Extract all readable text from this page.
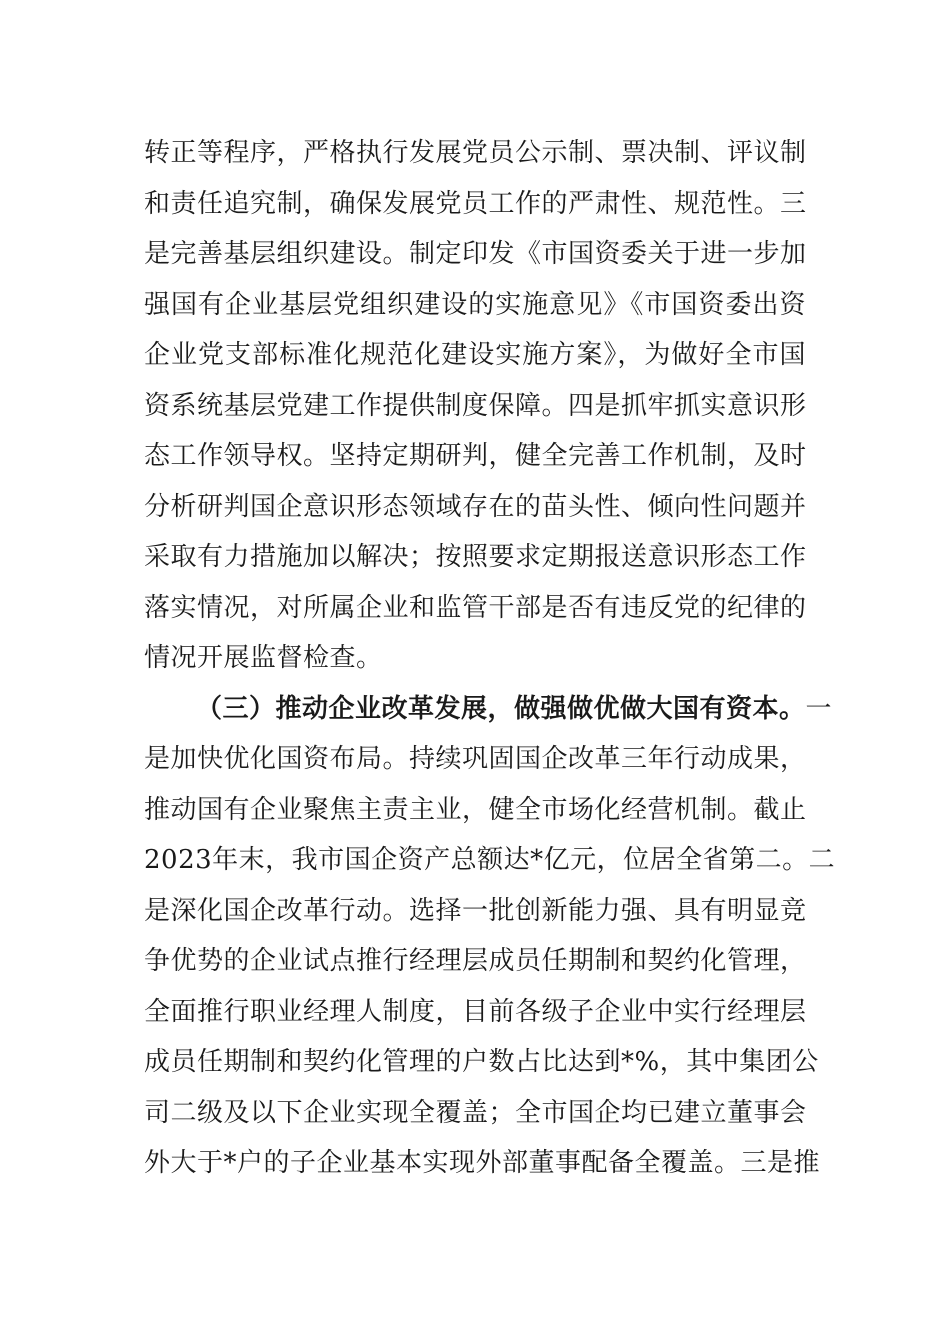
转正等程序，严格执行发展党员公示制、票决制、评议制
和责任追究制，确保发展党员工作的严肃性、规范性。三
是完善基层组织建设。制定印发《市国资委关于进一步加
强国有企业基层党组织建设的实施意见》《市国资委出资
企业党支部标准化规范化建设实施方案》，为做好全市国
资系统基层党建工作提供制度保障。四是抓牢抓实意识形
态工作领导权。坚持定期研判，健全完善工作机制，及时
分析研判国企意识形态领域存在的苗头性、倾向性问题并
采取有力措施加以解决；按照要求定期报送意识形态工作
落实情况，对所属企业和监管干部是否有违反党的纪律的
情况开展监督检查。
（三）推动企业改革发展，做强做优做大国有资本。一
是加快优化国资布局。持续巩固国企改革三年行动成果，
推动国有企业聚焦主责主业，健全市场化经营机制。截止
2023年末，我市国企资产总额达*亿元，位居全省第二。二
是深化国企改革行动。选择一批创新能力强、具有明显竞
争优势的企业试点推行经理层成员任期制和契约化管理，
全面推行职业经理人制度，目前各级子企业中实行经理层
成员任期制和契约化管理的户数占比达到*%，其中集团公
司二级及以下企业实现全覆盖；全市国企均已建立董事会
外大于*户的子企业基本实现外部董事配备全覆盖。三是推
